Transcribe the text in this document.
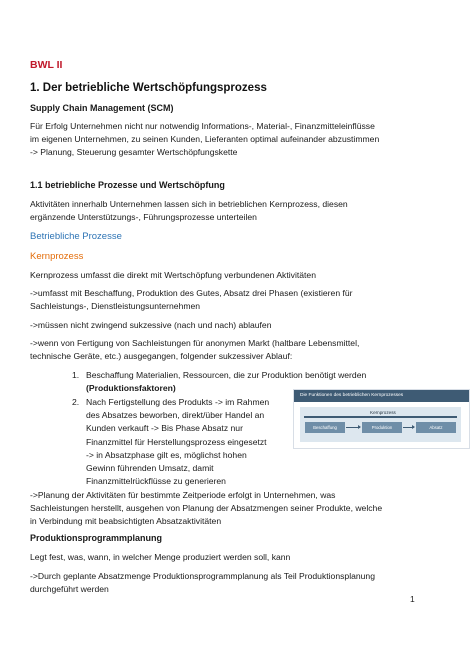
BWL II

1. Der betriebliche Wertschöpfungsprozess

Supply Chain Management (SCM)

Für Erfolg Unternehmen nicht nur notwendig Informations-, Material-, Finanzmitteleinflüsse

im eigenen Unternehmen, zu seinen Kunden, Lieferanten optimal aufeinander abzustimmen

-> Planung, Steuerung gesamter Wertschöpfungskette

1.1 betriebliche Prozesse und Wertschöpfung

Aktivitäten innerhalb Unternehmen lassen sich in betrieblichen Kernprozess, diesen

ergänzende Unterstützungs-, Führungsprozesse unterteilen

Betriebliche Prozesse

Kernprozess

Kernprozess umfasst die direkt mit Wertschöpfung verbundenen Aktivitäten

->umfasst mit Beschaffung, Produktion des Gutes, Absatz drei Phasen (existieren für

Sachleistungs-, Dienstleistungsunternehmen

->müssen nicht zwingend sukzessive (nach und nach) ablaufen

->wenn von Fertigung von Sachleistungen für anonymen Markt (haltbare Lebensmittel,

technische Geräte, etc.) ausgegangen, folgender sukzessiver Ablauf:

1. Beschaffung Materialien, Ressourcen, die zur Produktion benötigt werden
(Produktionsfaktoren)
2. Nach Fertigstellung des Produkts -> im Rahmen
des Absatzes beworben, direkt/über Handel an
Kunden verkauft -> Bis Phase Absatz nur
Finanzmittel für Herstellungsprozess eingesetzt
-> in Absatzphase gilt es, möglichst hohen
Gewinn führenden Umsatz, damit
Finanzmittelrückflüsse zu generieren
Die Funktionen des betrieblichen Kernprozesses
Kernprozess
Beschaffung	Produktion	Absatz

->Planung der Aktivitäten für bestimmte Zeitperiode erfolgt in Unternehmen, was

Sachleistungen herstellt, ausgehen von Planung der Absatzmengen seiner Produkte, welche

in Verbindung mit beabsichtigten Absatzaktivitäten

Produktionsprogrammplanung

Legt fest, was, wann, in welcher Menge produziert werden soll, kann

->Durch geplante Absatzmenge Produktionsprogrammplanung als Teil Produktionsplanung

durchgeführt werden

1
